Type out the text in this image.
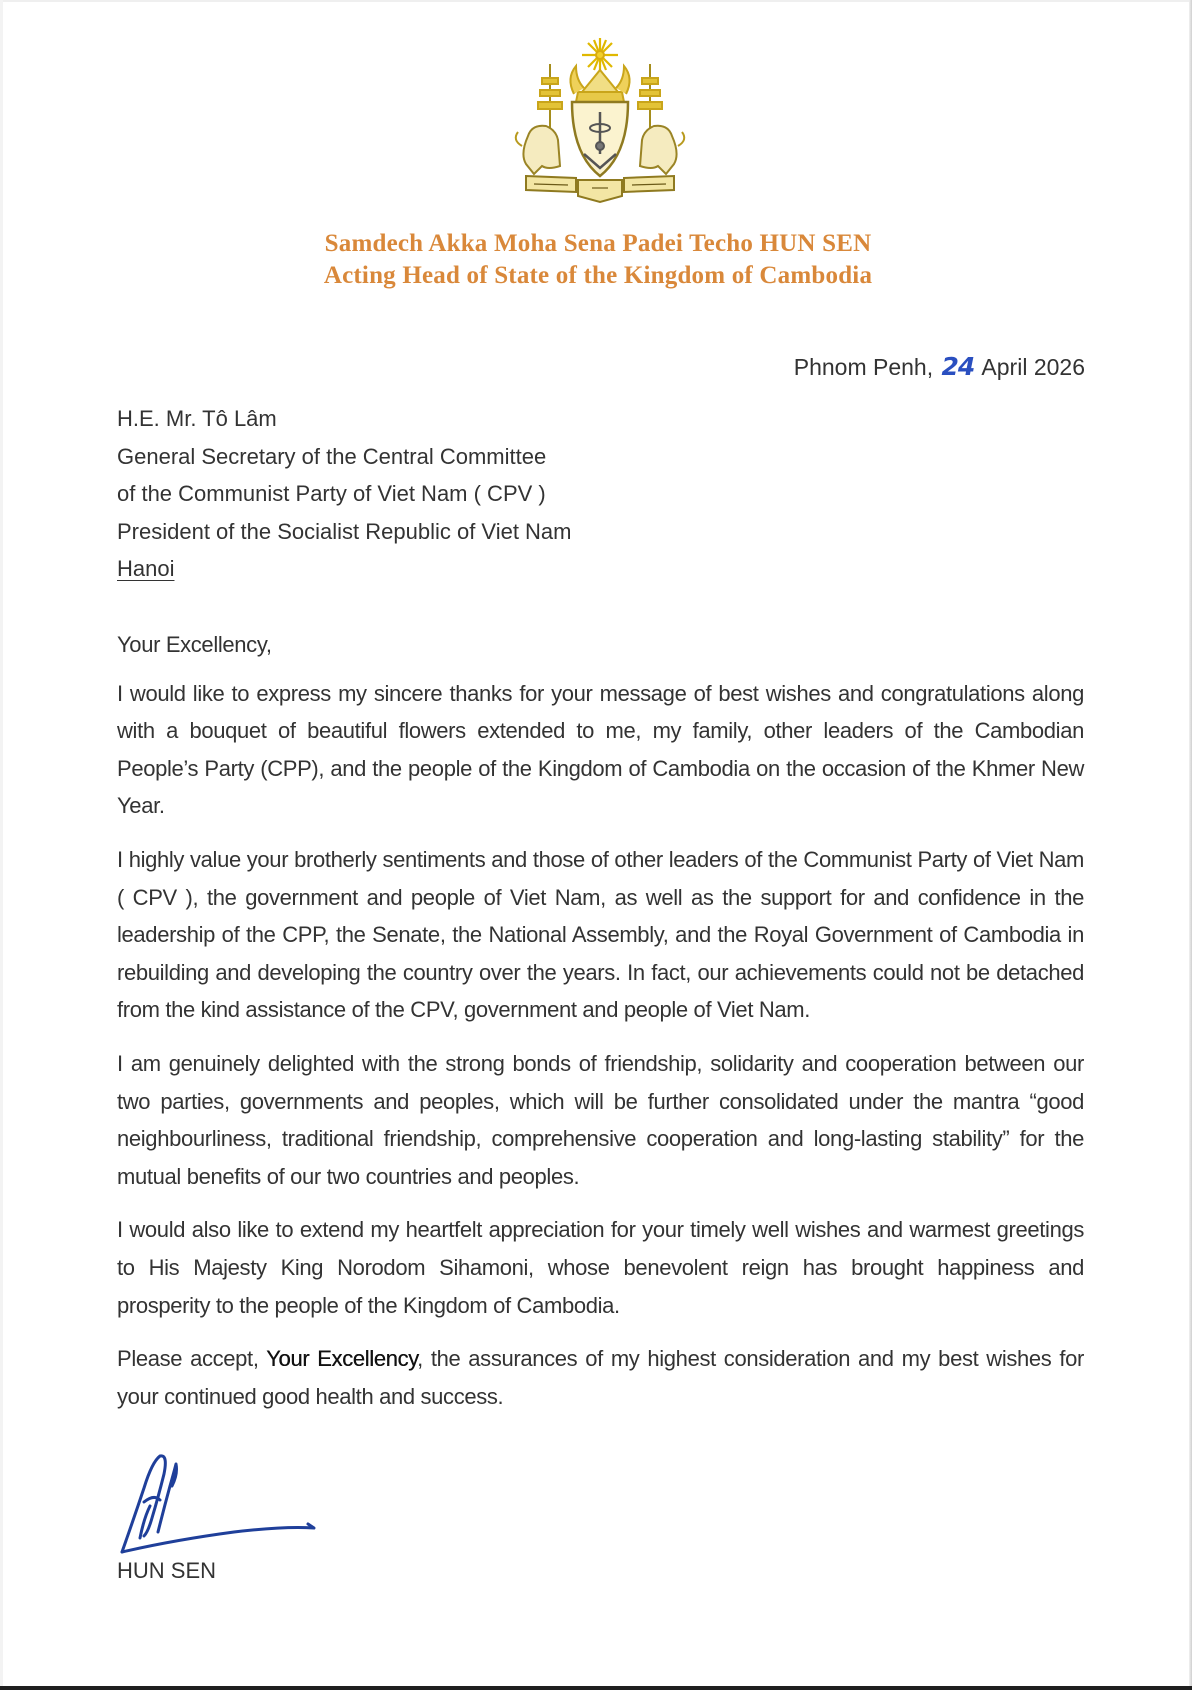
Samdech Akka Moha Sena Padei Techo HUN SEN
Acting Head of State of the Kingdom of Cambodia
Phnom Penh, 24 April 2026
H.E. Mr. Tô Lâm
General Secretary of the Central Committee
of the Communist Party of Viet Nam ( CPV )
President of the Socialist Republic of Viet Nam
Hanoi

Your Excellency,

I would like to express my sincere thanks for your message of best wishes and congratulations along with a bouquet of beautiful flowers extended to me, my family, other leaders of the Cambodian People’s Party (CPP), and the people of the Kingdom of Cambodia on the occasion of the Khmer New Year.

I highly value your brotherly sentiments and those of other leaders of the Communist Party of Viet Nam ( CPV ), the government and people of Viet Nam, as well as the support for and confidence in the leadership of the CPP, the Senate, the National Assembly, and the Royal Government of Cambodia in rebuilding and developing the country over the years. In fact, our achievements could not be detached from the kind assistance of the CPV, government and people of Viet Nam.

I am genuinely delighted with the strong bonds of friendship, solidarity and cooperation between our two parties, governments and peoples, which will be further consolidated under the mantra “good neighbourliness, traditional friendship, comprehensive cooperation and long-lasting stability” for the mutual benefits of our two countries and peoples.

I would also like to extend my heartfelt appreciation for your timely well wishes and warmest greetings to His Majesty King Norodom Sihamoni, whose benevolent reign has brought happiness and prosperity to the people of the Kingdom of Cambodia.

Please accept, Your Excellency, the assurances of my highest consideration and my best wishes for your continued good health and success.

HUN SEN
